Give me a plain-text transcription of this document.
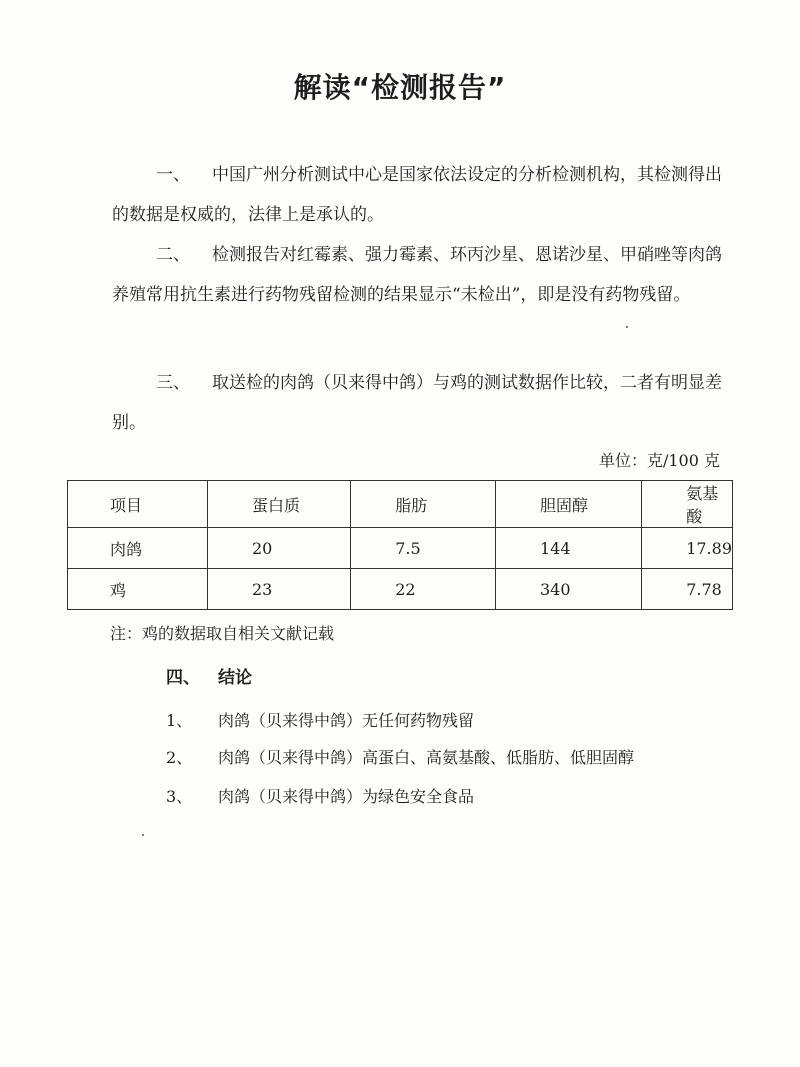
解读“检测报告”
一、 中国广州分析测试中心是国家依法设定的分析检测机构，其检测得出的数据是权威的，法律上是承认的。
二、 检测报告对红霉素、强力霉素、环丙沙星、恩诺沙星、甲硝唑等肉鸽养殖常用抗生素进行药物残留检测的结果显示“未检出”，即是没有药物残留。
三、 取送检的肉鸽（贝来得中鸽）与鸡的测试数据作比较，二者有明显差别。
单位：克/100 克
项目	蛋白质	脂肪	胆固醇	氨基酸
肉鸽	20	7.5	144	17.89
鸡	23	22	340	7.78
注：鸡的数据取自相关文献记载
四、 结论
1、 肉鸽（贝来得中鸽）无任何药物残留
2、 肉鸽（贝来得中鸽）高蛋白、高氨基酸、低脂肪、低胆固醇
3、 肉鸽（贝来得中鸽）为绿色安全食品
